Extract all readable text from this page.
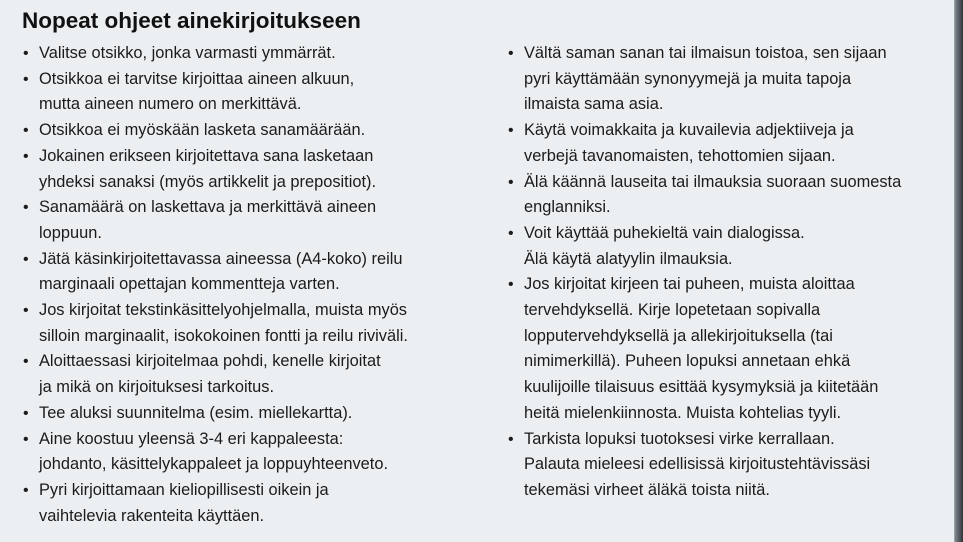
Nopeat ohjeet ainekirjoitukseen
• Valitse otsikko, jonka varmasti ymmärrät.
• Otsikkoa ei tarvitse kirjoittaa aineen alkuun,
mutta aineen numero on merkittävä.
• Otsikkoa ei myöskään lasketa sanamäärään.
• Jokainen erikseen kirjoitettava sana lasketaan
yhdeksi sanaksi (myös artikkelit ja prepositiot).
• Sanamäärä on laskettava ja merkittävä aineen
loppuun.
• Jätä käsinkirjoitettavassa aineessa (A4-koko) reilu
marginaali opettajan kommentteja varten.
• Jos kirjoitat tekstinkäsittelyohjelmalla, muista myös
silloin marginaalit, isokokoinen fontti ja reilu riviväli.
• Aloittaessasi kirjoitelmaa pohdi, kenelle kirjoitat
ja mikä on kirjoituksesi tarkoitus.
• Tee aluksi suunnitelma (esim. miellekartta).
• Aine koostuu yleensä 3-4 eri kappaleesta:
johdanto, käsittelykappaleet ja loppuyhteenveto.
• Pyri kirjoittamaan kieliopillisesti oikein ja
vaihtelevia rakenteita käyttäen.
• Vältä saman sanan tai ilmaisun toistoa, sen sijaan
pyri käyttämään synonyymejä ja muita tapoja
ilmaista sama asia.
• Käytä voimakkaita ja kuvailevia adjektiiveja ja
verbejä tavanomaisten, tehottomien sijaan.
• Älä käännä lauseita tai ilmauksia suoraan suomesta
englanniksi.
• Voit käyttää puhekieltä vain dialogissa.
Älä käytä alatyylin ilmauksia.
• Jos kirjoitat kirjeen tai puheen, muista aloittaa
tervehdyksellä. Kirje lopetetaan sopivalla
lopputervehdyksellä ja allekirjoituksella (tai
nimimerkillä). Puheen lopuksi annetaan ehkä
kuulijoille tilaisuus esittää kysymyksiä ja kiitetään
heitä mielenkiinnosta. Muista kohtelias tyyli.
• Tarkista lopuksi tuotoksesi virke kerrallaan.
Palauta mieleesi edellisissä kirjoitustehtävissäsi
tekemäsi virheet äläkä toista niitä.
